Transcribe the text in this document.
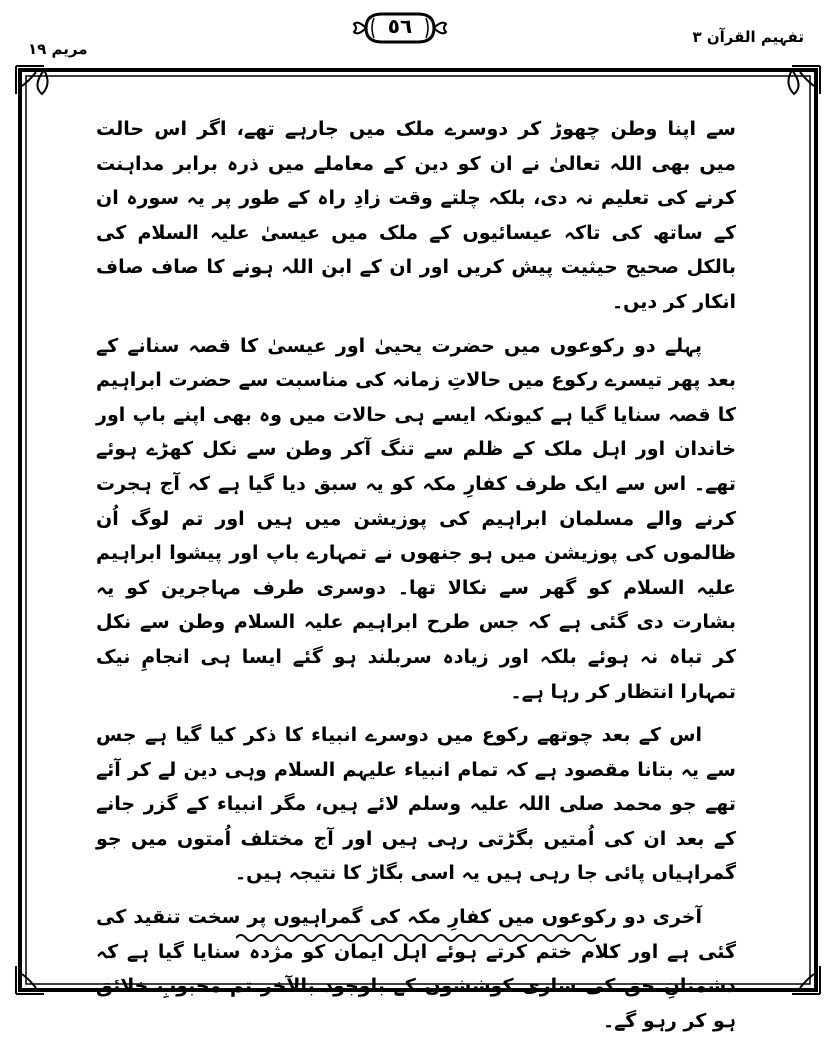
تفہیم القرآن ٣
مریم ١٩
٥٦

سے اپنا وطن چھوڑ کر دوسرے ملک میں جارہے تھے، اگر اس حالت میں بھی اللہ تعالیٰ نے ان کو دین کے معاملے میں ذرہ برابر مداہنت کرنے کی تعلیم نہ دی، بلکہ چلتے وقت زادِ راہ کے طور پر یہ سورہ ان کے ساتھ کی تاکہ عیسائیوں کے ملک میں عیسیٰ علیہ السلام کی بالکل صحیح حیثیت پیش کریں اور ان کے ابن اللہ ہونے کا صاف صاف انکار کر دیں۔

پہلے دو رکوعوں میں حضرت یحییٰ اور عیسیٰ کا قصہ سنانے کے بعد پھر تیسرے رکوع میں حالاتِ زمانہ کی مناسبت سے حضرت ابراہیم کا قصہ سنایا گیا ہے کیونکہ ایسے ہی حالات میں وہ بھی اپنے باپ اور خاندان اور اہل ملک کے ظلم سے تنگ آکر وطن سے نکل کھڑے ہوئے تھے۔ اس سے ایک طرف کفارِ مکہ کو یہ سبق دیا گیا ہے کہ آج ہجرت کرنے والے مسلمان ابراہیم کی پوزیشن میں ہیں اور تم لوگ اُن ظالموں کی پوزیشن میں ہو جنھوں نے تمہارے باپ اور پیشوا ابراہیم علیہ السلام کو گھر سے نکالا تھا۔ دوسری طرف مہاجرین کو یہ بشارت دی گئی ہے کہ جس طرح ابراہیم علیہ السلام وطن سے نکل کر تباہ نہ ہوئے بلکہ اور زیادہ سربلند ہو گئے ایسا ہی انجامِ نیک تمہارا انتظار کر رہا ہے۔

اس کے بعد چوتھے رکوع میں دوسرے انبیاء کا ذکر کیا گیا ہے جس سے یہ بتانا مقصود ہے کہ تمام انبیاء علیہم السلام وہی دین لے کر آئے تھے جو محمد صلی اللہ علیہ وسلم لائے ہیں، مگر انبیاء کے گزر جانے کے بعد ان کی اُمتیں بگڑتی رہی ہیں اور آج مختلف اُمتوں میں جو گمراہیاں پائی جا رہی ہیں یہ اسی بگاڑ کا نتیجہ ہیں۔

آخری دو رکوعوں میں کفارِ مکہ کی گمراہیوں پر سخت تنقید کی گئی ہے اور کلام ختم کرتے ہوئے اہل ایمان کو مژدہ سنایا گیا ہے کہ دشمنانِ حق کی ساری کوششوں کے باوجود بالآخر تم محبوبِ خلائق ہو کر رہو گے۔
